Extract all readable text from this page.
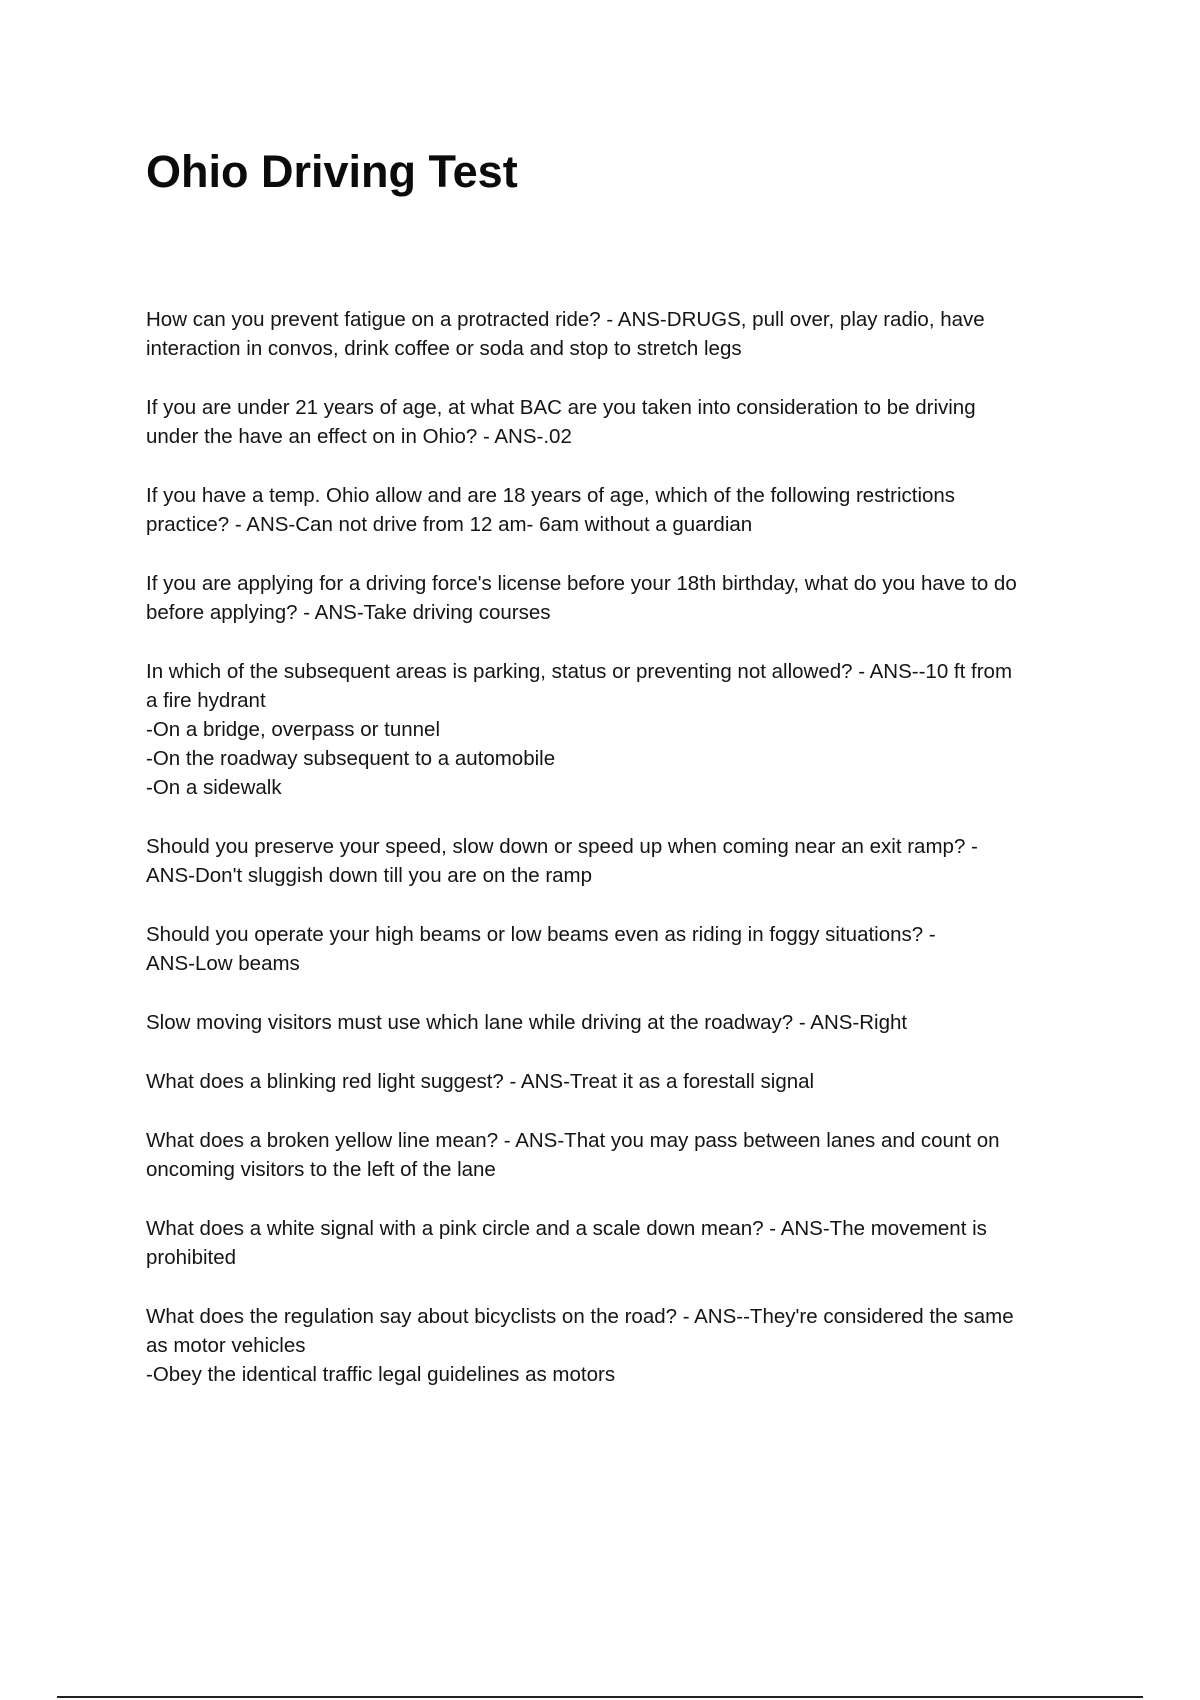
Ohio Driving Test

How can you prevent fatigue on a protracted ride? - ANS-DRUGS, pull over, play radio, have
interaction in convos, drink coffee or soda and stop to stretch legs

If you are under 21 years of age, at what BAC are you taken into consideration to be driving
under the have an effect on in Ohio? - ANS-.02

If you have a temp. Ohio allow and are 18 years of age, which of the following restrictions
practice? - ANS-Can not drive from 12 am- 6am without a guardian

If you are applying for a driving force's license before your 18th birthday, what do you have to do
before applying? - ANS-Take driving courses

In which of the subsequent areas is parking, status or preventing not allowed? - ANS--10 ft from
a fire hydrant
-On a bridge, overpass or tunnel
-On the roadway subsequent to a automobile
-On a sidewalk

Should you preserve your speed, slow down or speed up when coming near an exit ramp? -
ANS-Don't sluggish down till you are on the ramp

Should you operate your high beams or low beams even as riding in foggy situations? -
ANS-Low beams

Slow moving visitors must use which lane while driving at the roadway? - ANS-Right

What does a blinking red light suggest? - ANS-Treat it as a forestall signal

What does a broken yellow line mean? - ANS-That you may pass between lanes and count on
oncoming visitors to the left of the lane

What does a white signal with a pink circle and a scale down mean? - ANS-The movement is
prohibited

What does the regulation say about bicyclists on the road? - ANS--They're considered the same
as motor vehicles
-Obey the identical traffic legal guidelines as motors
